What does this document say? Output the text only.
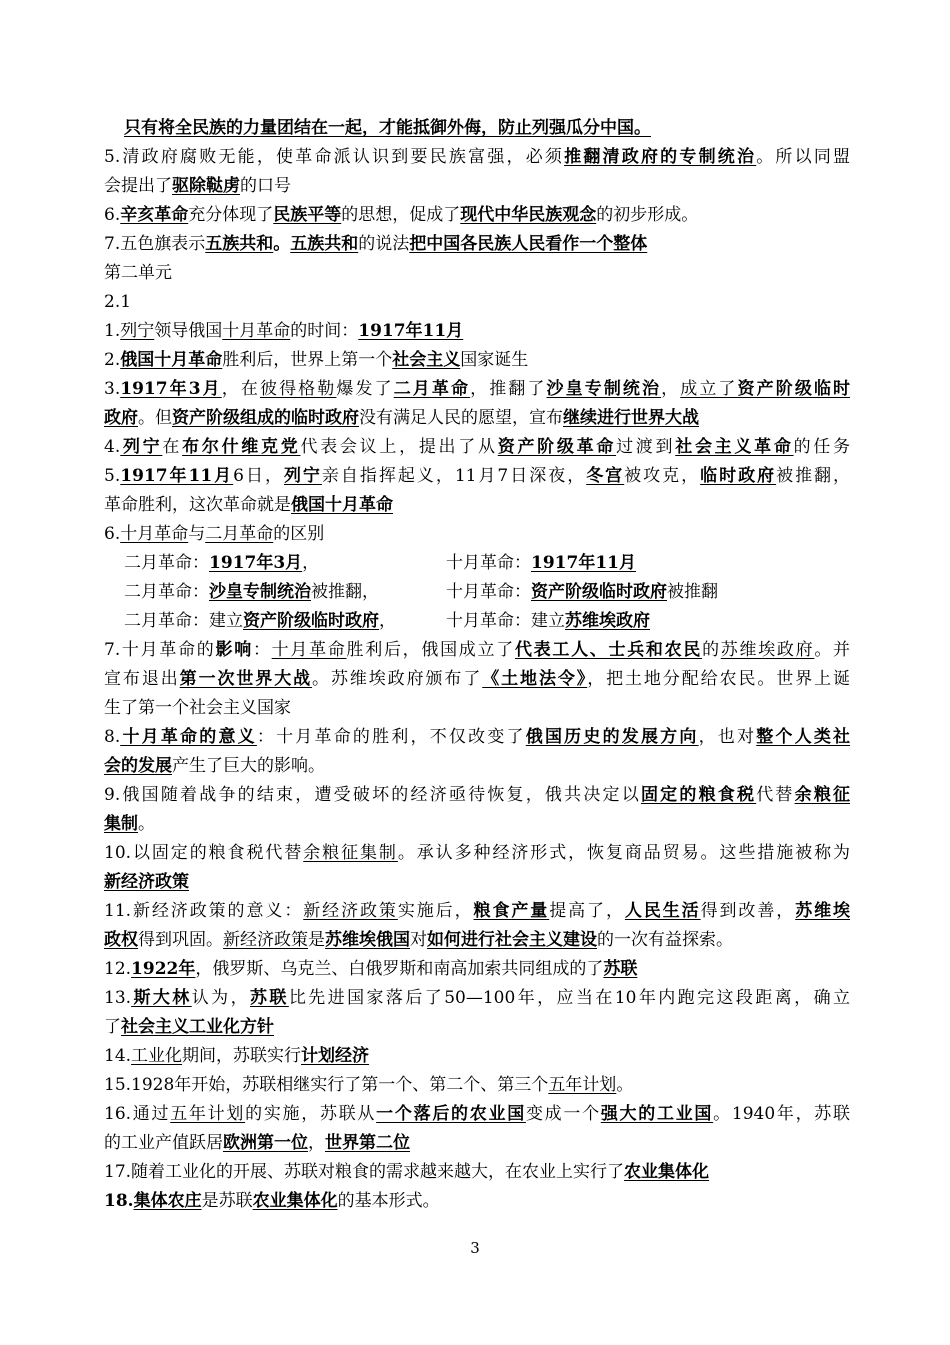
只有将全民族的力量团结在一起，才能抵御外侮，防止列强瓜分中国。
5.清政府腐败无能，使革命派认识到要民族富强，必须推翻清政府的专制统治。所以同盟
会提出了驱除鞑虏的口号
6.辛亥革命充分体现了民族平等的思想，促成了现代中华民族观念的初步形成。
7.五色旗表示五族共和。五族共和的说法把中国各民族人民看作一个整体
第二单元
2.1
1.列宁领导俄国十月革命的时间：1917年11月
2.俄国十月革命胜利后，世界上第一个社会主义国家诞生
3.1917年3月，在彼得格勒爆发了二月革命，推翻了沙皇专制统治，成立了资产阶级临时
政府。但资产阶级组成的临时政府没有满足人民的愿望，宣布继续进行世界大战
4.列宁在布尔什维克党代表会议上，提出了从资产阶级革命过渡到社会主义革命的任务
5.1917年11月6日，列宁亲自指挥起义，11月7日深夜，冬宫被攻克，临时政府被推翻，
革命胜利，这次革命就是俄国十月革命
6.十月革命与二月革命的区别
二月革命：1917年3月，	十月革命：1917年11月
二月革命：沙皇专制统治被推翻，	十月革命：资产阶级临时政府被推翻
二月革命：建立资产阶级临时政府，	十月革命：建立苏维埃政府
7.十月革命的影响：十月革命胜利后，俄国成立了代表工人、士兵和农民的苏维埃政府。并
宣布退出第一次世界大战。苏维埃政府颁布了《土地法令》，把土地分配给农民。世界上诞
生了第一个社会主义国家
8.十月革命的意义：十月革命的胜利，不仅改变了俄国历史的发展方向，也对整个人类社
会的发展产生了巨大的影响。
9.俄国随着战争的结束，遭受破坏的经济亟待恢复，俄共决定以固定的粮食税代替余粮征
集制。
10.以固定的粮食税代替余粮征集制。承认多种经济形式，恢复商品贸易。这些措施被称为
新经济政策
11.新经济政策的意义：新经济政策实施后，粮食产量提高了，人民生活得到改善，苏维埃
政权得到巩固。新经济政策是苏维埃俄国对如何进行社会主义建设的一次有益探索。
12.1922年，俄罗斯、乌克兰、白俄罗斯和南高加索共同组成的了苏联
13.斯大林认为，苏联比先进国家落后了50—100年，应当在10年内跑完这段距离，确立
了社会主义工业化方针
14.工业化期间，苏联实行计划经济
15.1928年开始，苏联相继实行了第一个、第二个、第三个五年计划。
16.通过五年计划的实施，苏联从一个落后的农业国变成一个强大的工业国。1940年，苏联
的工业产值跃居欧洲第一位，世界第二位
17.随着工业化的开展、苏联对粮食的需求越来越大，在农业上实行了农业集体化
18.集体农庄是苏联农业集体化的基本形式。
3
